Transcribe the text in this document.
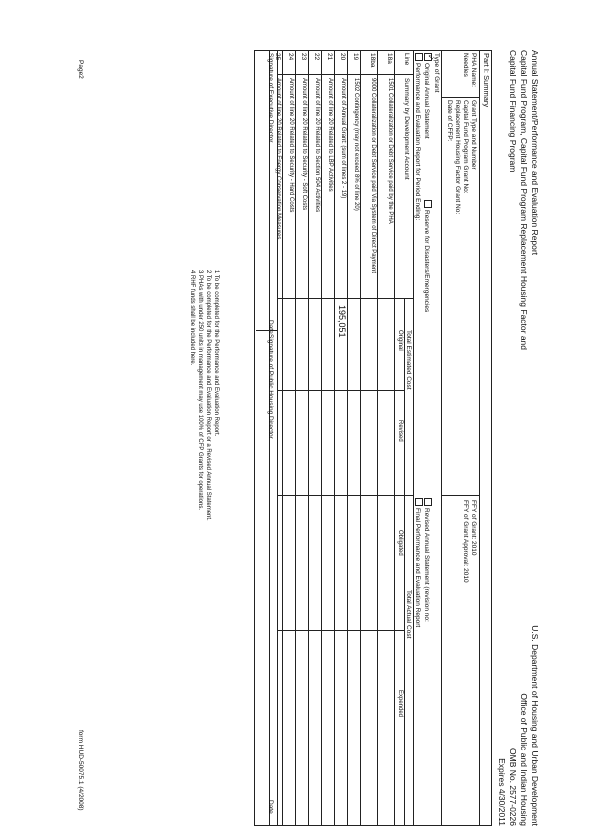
Annual Statement/Performance and Evaluation Report
Capital Fund Program, Capital Fund Program Replacement Housing Factor and
Capital Fund Financing Program
U.S. Department of Housing and Urban Development
Office of Public and Indian Housing
OMB No. 2577-0226
Expires 4/30/2011
Part I: Summary
PHA Name:
Needles
Grant Type and Number
Capital Fund Program Grant No:
Replacement Housing Factor Grant No:
Date of CFFP:
FFY of Grant: 2010
FFY of Grant Approval: 2010
Type of Grant
✓Original Annual Statement
Reserve for Disasters/Emergencies
Revised Annual Statement (revision no:
Performance and Evaluation Report for Period Ending:
Final Performance and Evaluation Report
Line
Summary by Development Account
Total Estimated Cost
Total Actual Cost
Original
Revised
Obligated
Expended
18a
1501 Collateralization or Debt Service paid by the PHA
18ba
9000 Collateralization or Debt Service paid Via System of Direct Payment
19
1502 Contingency (may not exceed 8% of line 20)
20
Amount of Annual Grant: (sum of lines 2 - 19)
195,051
21
Amount of line 20 Related to LBP Activities
22
Amount of line 20 Related to Section 504 Activities
23
Amount of line 20 Related to Security - Soft Costs
24
Amount of line 20 Related to Security - Hard Costs
25
Amount of line 20 Related to Energy Conservation Measures
Signature of Executive Director
Date
Signature of Public Housing Director
Date
1 To be completed for the Performance and Evaluation Report.
2 To be completed for the Performance and Evaluation Report or a Revised Annual Statement.
3 PHAs with under 250 units in management may use 100% of CFP Grants for operations.
4 RHF funds shall be included here.
Page2
form HUD-50075.1 (4/2008)
